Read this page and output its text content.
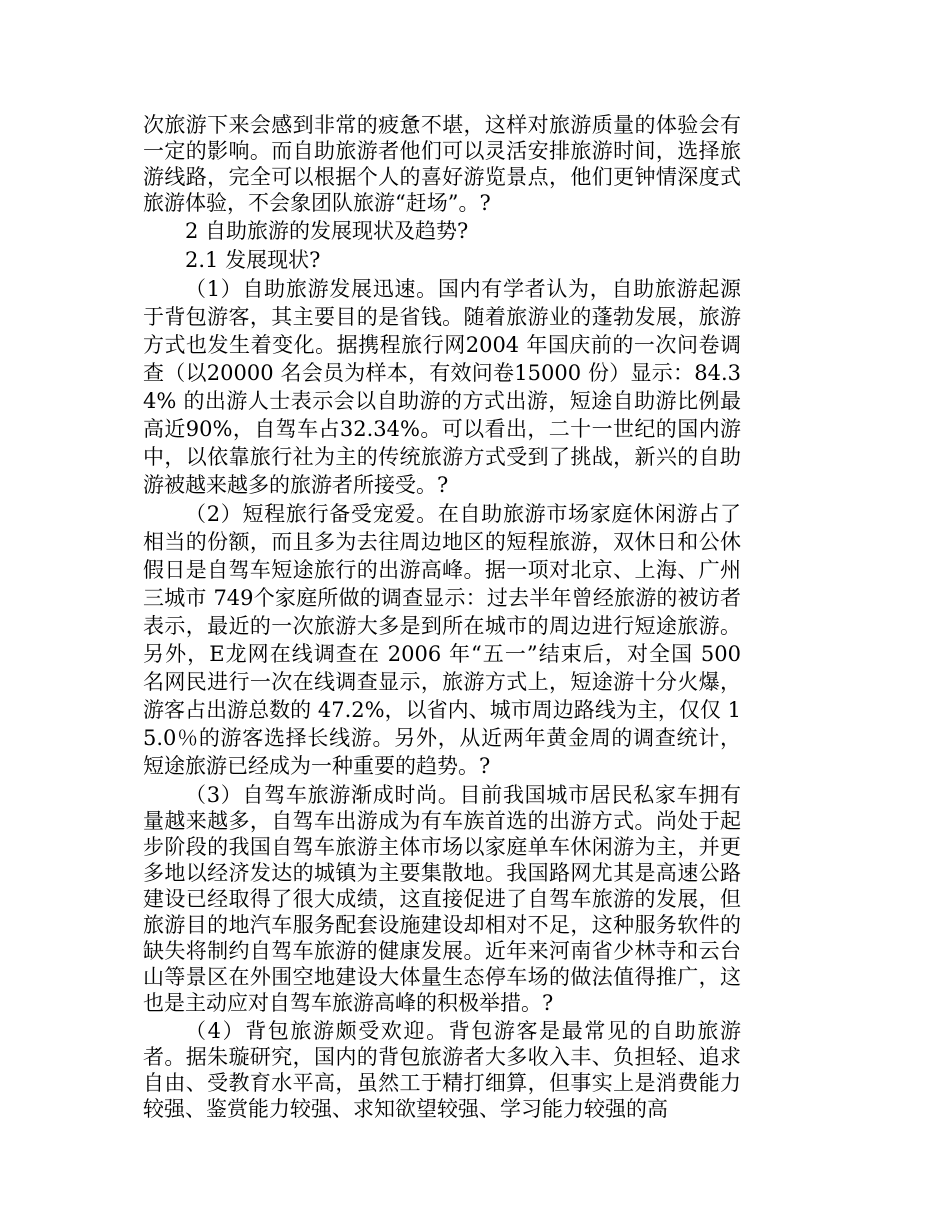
次旅游下来会感到非常的疲惫不堪，这样对旅游质量的体验会有一定的影响。而自助旅游者他们可以灵活安排旅游时间，选择旅游线路，完全可以根据个人的喜好游览景点，他们更钟情深度式旅游体验，不会象团队旅游“赶场”。?

2 自助旅游的发展现状及趋势?

2.1 发展现状?

（1）自助旅游发展迅速。国内有学者认为，自助旅游起源于背包游客，其主要目的是省钱。随着旅游业的蓬勃发展，旅游方式也发生着变化。据携程旅行网2004 年国庆前的一次问卷调查（以20000 名会员为样本，有效问卷15000 份）显示：84.34% 的出游人士表示会以自助游的方式出游，短途自助游比例最高近90%，自驾车占32.34%。可以看出，二十一世纪的国内游中，以依靠旅行社为主的传统旅游方式受到了挑战，新兴的自助游被越来越多的旅游者所接受。?

（2）短程旅行备受宠爱。在自助旅游市场家庭休闲游占了相当的份额，而且多为去往周边地区的短程旅游，双休日和公休假日是自驾车短途旅行的出游高峰。据一项对北京、上海、广州三城市 749个家庭所做的调查显示：过去半年曾经旅游的被访者表示，最近的一次旅游大多是到所在城市的周边进行短途旅游。另外，E龙网在线调查在 2006 年“五一”结束后，对全国 500 名网民进行一次在线调查显示，旅游方式上，短途游十分火爆，游客占出游总数的 47.2%，以省内、城市周边路线为主，仅仅 15.0％的游客选择长线游。另外，从近两年黄金周的调查统计，短途旅游已经成为一种重要的趋势。?

（3）自驾车旅游渐成时尚。目前我国城市居民私家车拥有量越来越多，自驾车出游成为有车族首选的出游方式。尚处于起步阶段的我国自驾车旅游主体市场以家庭单车休闲游为主，并更多地以经济发达的城镇为主要集散地。我国路网尤其是高速公路建设已经取得了很大成绩，这直接促进了自驾车旅游的发展，但旅游目的地汽车服务配套设施建设却相对不足，这种服务软件的缺失将制约自驾车旅游的健康发展。近年来河南省少林寺和云台山等景区在外围空地建设大体量生态停车场的做法值得推广，这也是主动应对自驾车旅游高峰的积极举措。?

（4）背包旅游颇受欢迎。背包游客是最常见的自助旅游者。据朱璇研究，国内的背包旅游者大多收入丰、负担轻、追求自由、受教育水平高，虽然工于精打细算，但事实上是消费能力较强、鉴赏能力较强、求知欲望较强、学习能力较强的高
